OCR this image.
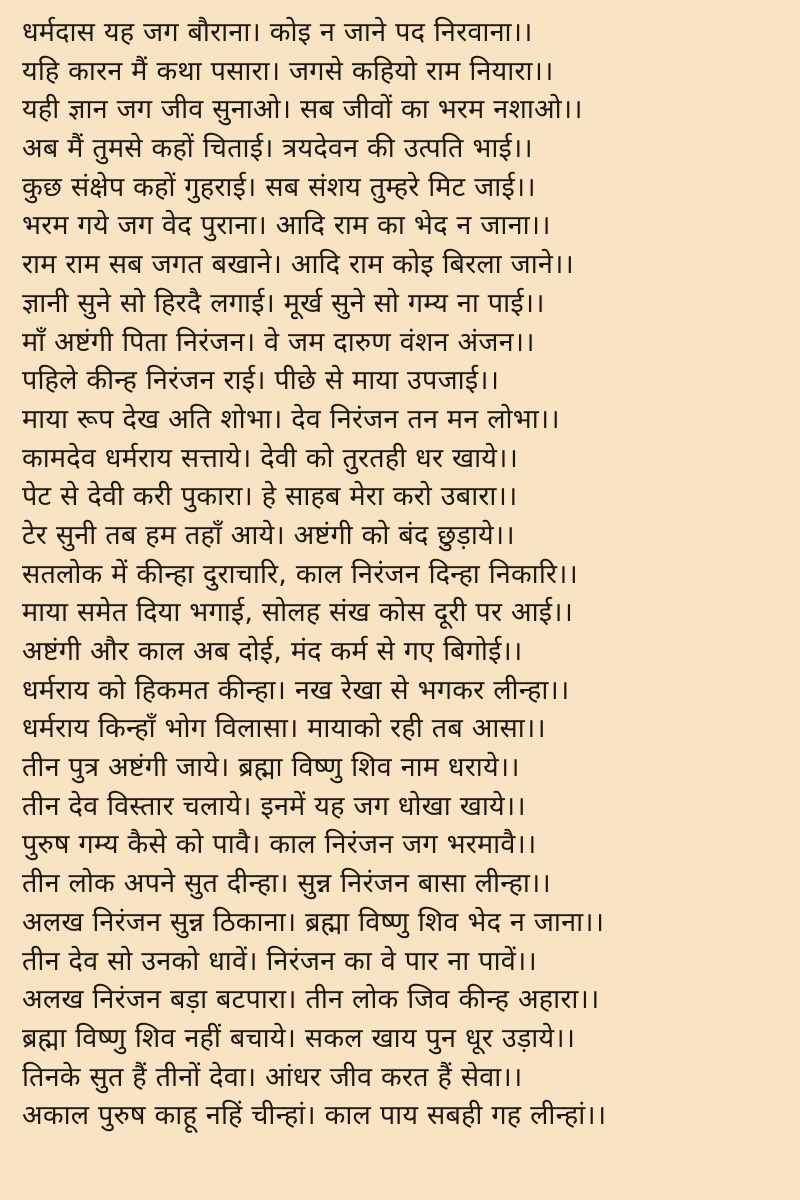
धर्मदास यह जग बौराना। कोइ न जाने पद निरवाना।।
यहि कारन मैं कथा पसारा। जगसे कहियो राम नियारा।।
यही ज्ञान जग जीव सुनाओ। सब जीवों का भरम नशाओ।।
अब मैं तुमसे कहों चिताई। त्रयदेवन की उत्पति भाई।।
कुछ संक्षेप कहों गुहराई। सब संशय तुम्हरे मिट जाई।।
भरम गये जग वेद पुराना। आदि राम का भेद न जाना।।
राम राम सब जगत बखाने। आदि राम कोइ बिरला जाने।।
ज्ञानी सुने सो हिरदै लगाई। मूर्ख सुने सो गम्य ना पाई।।
माँ अष्टंगी पिता निरंजन। वे जम दारुण वंशन अंजन।।
पहिले कीन्ह निरंजन राई। पीछे से माया उपजाई।।
माया रूप देख अति शोभा। देव निरंजन तन मन लोभा।।
कामदेव धर्मराय सत्ताये। देवी को तुरतही धर खाये।।
पेट से देवी करी पुकारा। हे साहब मेरा करो उबारा।।
टेर सुनी तब हम तहाँ आये। अष्टंगी को बंद छुड़ाये।।
सतलोक में कीन्हा दुराचारि, काल निरंजन दिन्हा निकारि।।
माया समेत दिया भगाई, सोलह संख कोस दूरी पर आई।।
अष्टंगी और काल अब दोई, मंद कर्म से गए बिगोई।।
धर्मराय को हिकमत कीन्हा। नख रेखा से भगकर लीन्हा।।
धर्मराय किन्हाँ भोग विलासा। मायाको रही तब आसा।।
तीन पुत्र अष्टंगी जाये। ब्रह्मा विष्णु शिव नाम धराये।।
तीन देव विस्तार चलाये। इनमें यह जग धोखा खाये।।
पुरुष गम्य कैसे को पावै। काल निरंजन जग भरमावै।।
तीन लोक अपने सुत दीन्हा। सुन्न निरंजन बासा लीन्हा।।
अलख निरंजन सुन्न ठिकाना। ब्रह्मा विष्णु शिव भेद न जाना।।
तीन देव सो उनको धावें। निरंजन का वे पार ना पावें।।
अलख निरंजन बड़ा बटपारा। तीन लोक जिव कीन्ह अहारा।।
ब्रह्मा विष्णु शिव नहीं बचाये। सकल खाय पुन धूर उड़ाये।।
तिनके सुत हैं तीनों देवा। आंधर जीव करत हैं सेवा।।
अकाल पुरुष काहू नहिं चीन्हां। काल पाय सबही गह लीन्हां।।
